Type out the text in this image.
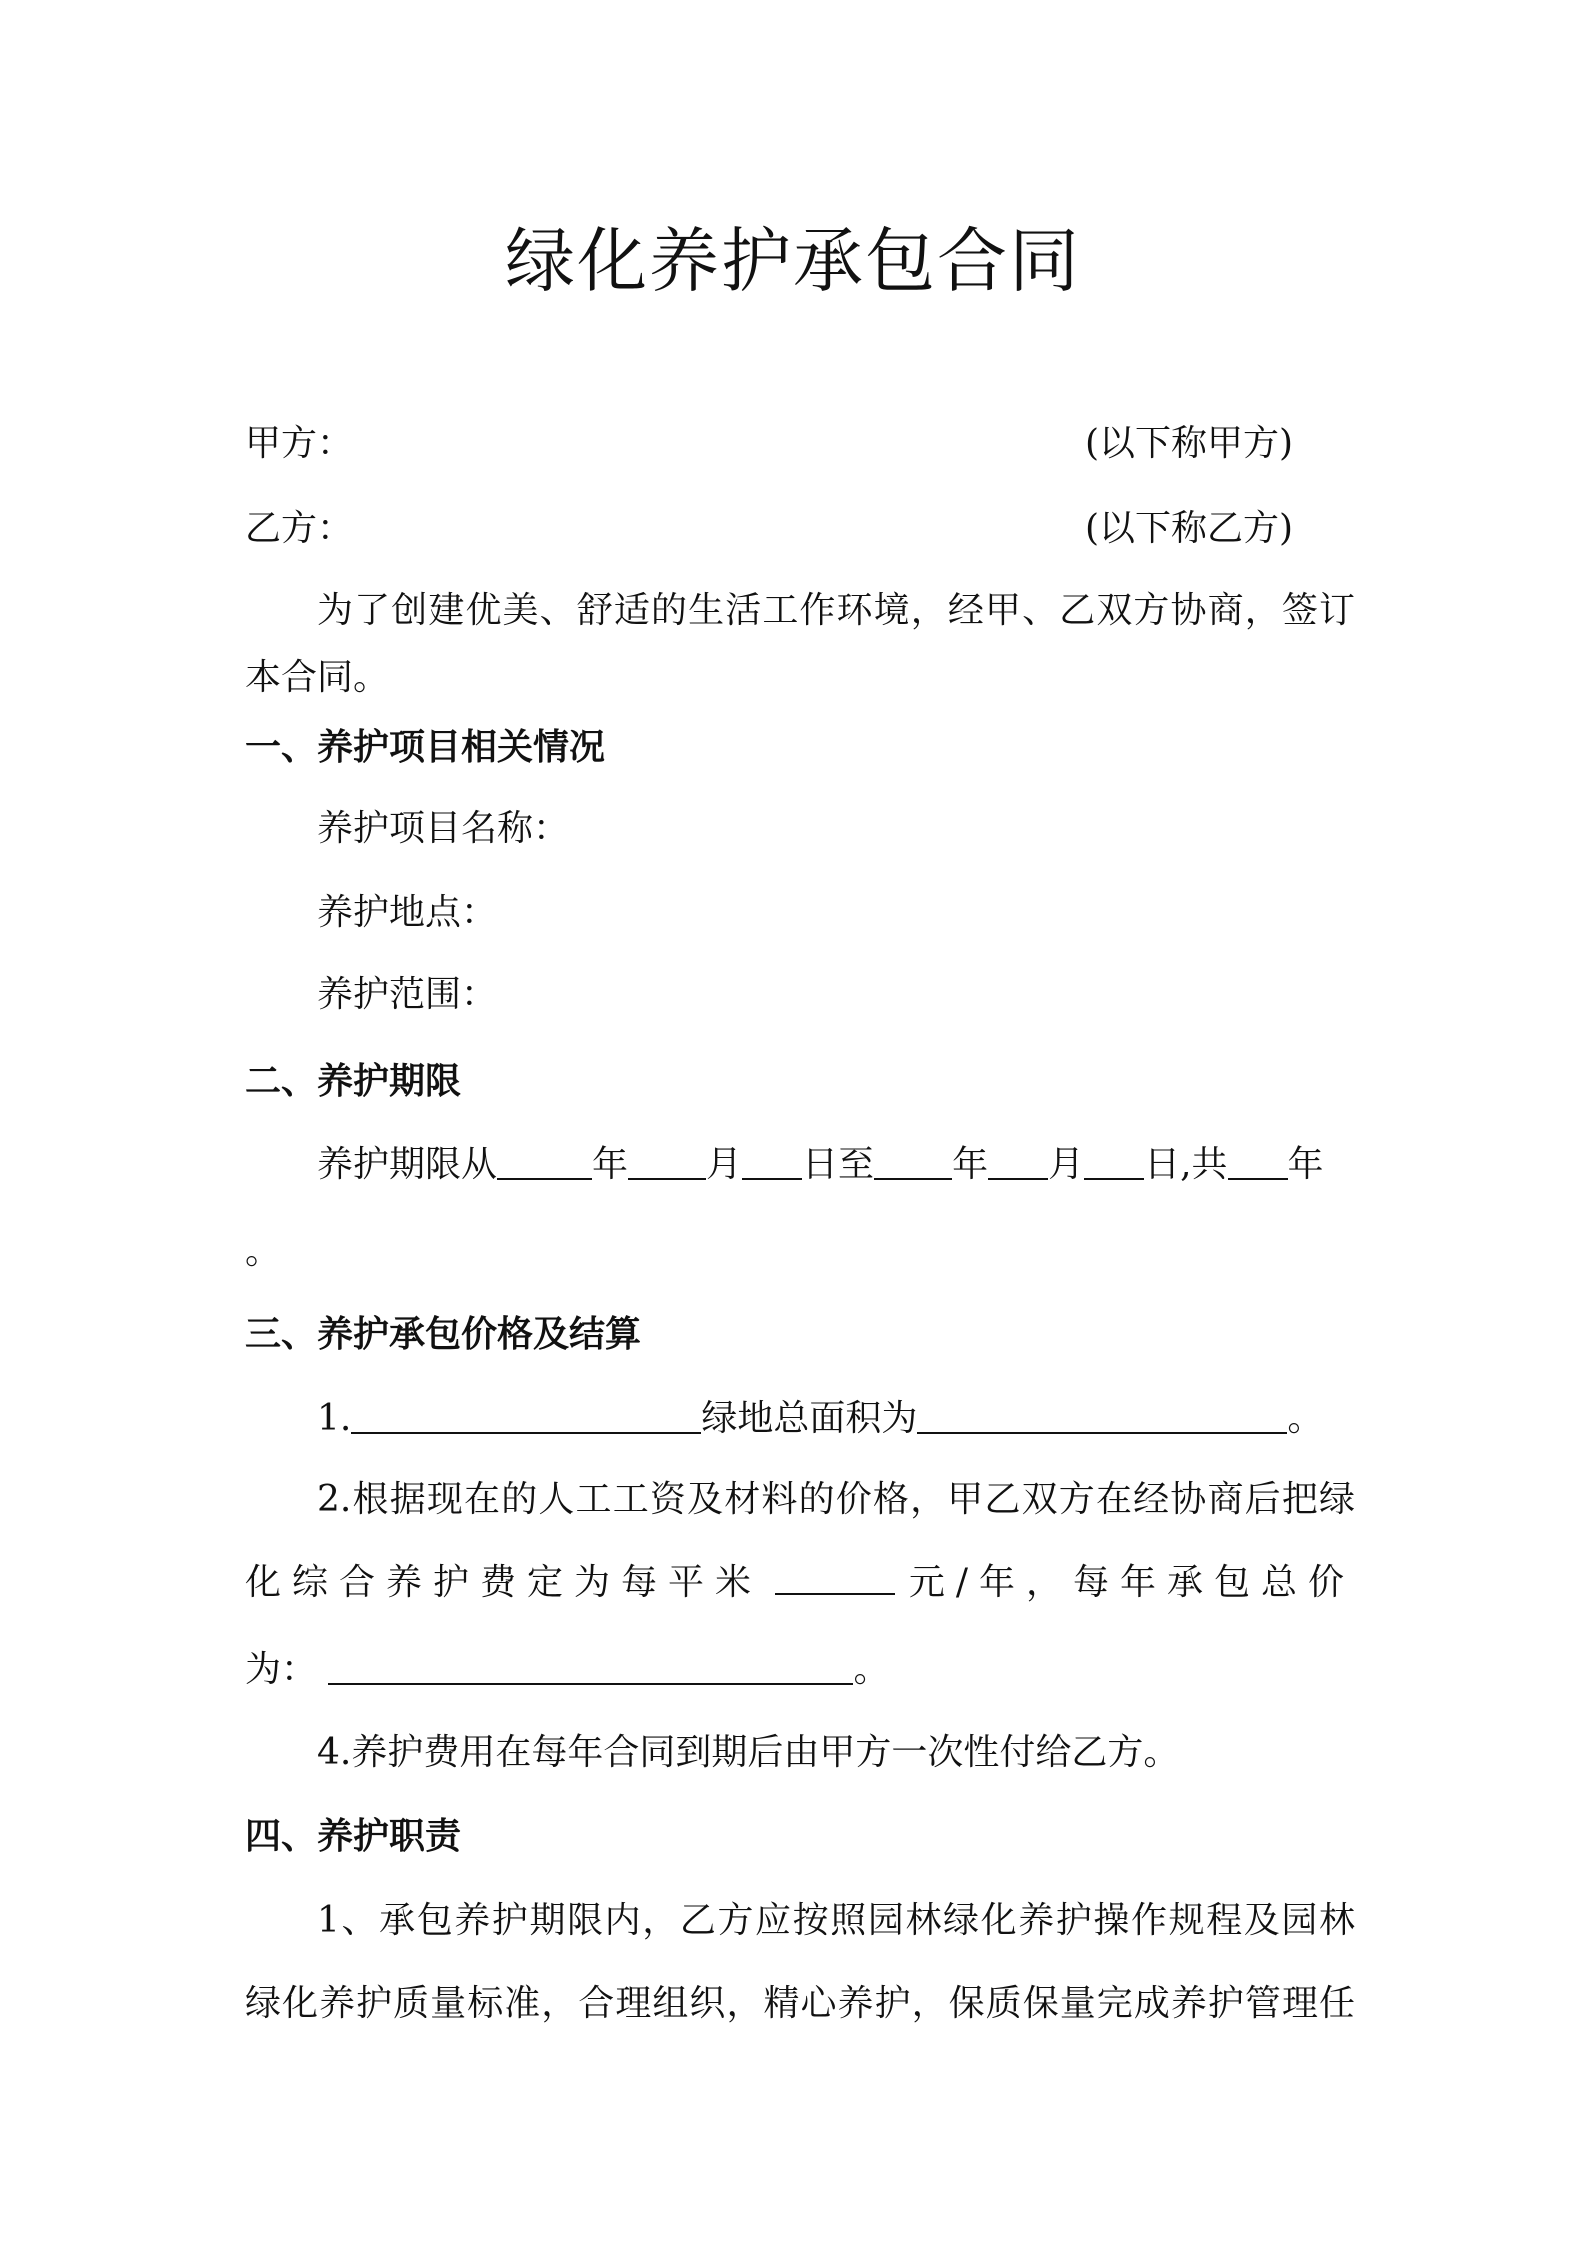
绿化养护承包合同
甲方：	(以下称甲方)
乙方：	(以下称乙方)
为了创建优美、舒适的生活工作环境，经甲、乙双方协商，签订
本合同。
一、养护项目相关情况
养护项目名称：
养护地点：
养护范围：
二、养护期限
养护期限从	年 月 日至 年 月 日,共 年
。
三、养护承包价格及结算
1.	绿地总面积为	。
2.根据现在的人工工资及材料的价格，甲乙双方在经协商后把绿
化综合养护费定为每平米	元/年，每年承包总价
为：	。
4.养护费用在每年合同到期后由甲方一次性付给乙方。
四、养护职责
1、承包养护期限内，乙方应按照园林绿化养护操作规程及园林
绿化养护质量标准，合理组织，精心养护，保质保量完成养护管理任
